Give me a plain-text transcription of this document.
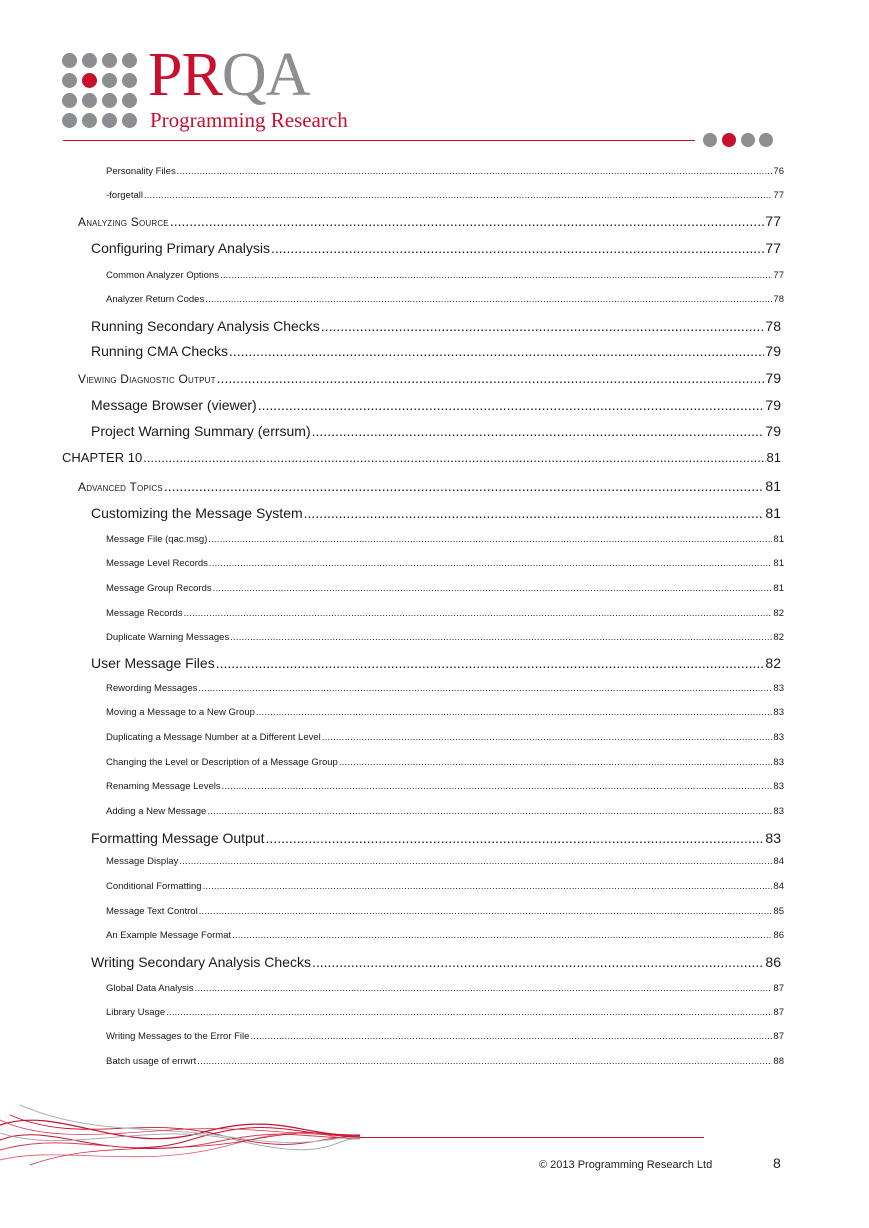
PRQA
Programming Research
Personality Files .....	76
-forgetall .....	77
Analyzing Source .....	77
Configuring Primary Analysis .....	77
Common Analyzer Options .....	77
Analyzer Return Codes .....	78
Running Secondary Analysis Checks .....	78
Running CMA Checks .....	79
Viewing Diagnostic Output .....	79
Message Browser (viewer) .....	79
Project Warning Summary (errsum) .....	79
CHAPTER 10 .....	81
Advanced Topics .....	81
Customizing the Message System .....	81
Message File (qac.msg) .....	81
Message Level Records .....	81
Message Group Records .....	81
Message Records .....	82
Duplicate Warning Messages .....	82
User Message Files .....	82
Rewording Messages .....	83
Moving a Message to a New Group .....	83
Duplicating a Message Number at a Different Level .....	83
Changing the Level or Description of a Message Group .....	83
Renaming Message Levels .....	83
Adding a New Message .....	83
Formatting Message Output .....	83
Message Display .....	84
Conditional Formatting .....	84
Message Text Control .....	85
An Example Message Format .....	86
Writing Secondary Analysis Checks .....	86
Global Data Analysis .....	87
Library Usage .....	87
Writing Messages to the Error File .....	87
Batch usage of errwrt .....	88
© 2013 Programming Research Ltd	8
